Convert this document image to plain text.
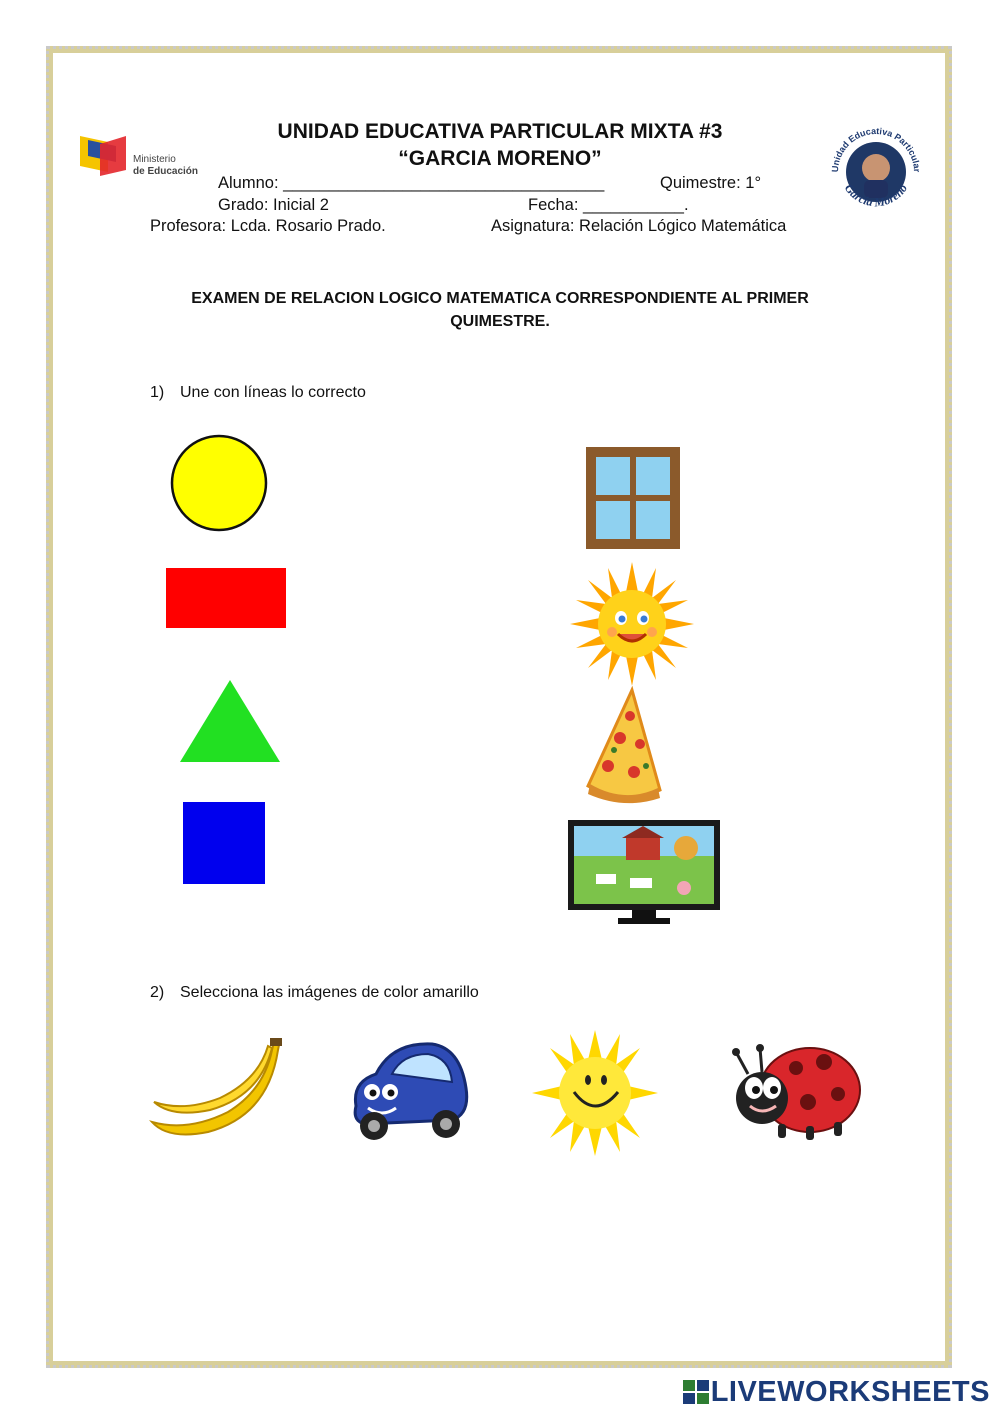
Ministerio
de Educación	Unidad Educativa Particular
García Moreno
UNIDAD EDUCATIVA PARTICULAR MIXTA #3
“GARCIA MORENO”
Alumno: ___________________________________	Quimestre: 1°
Grado: Inicial 2	Fecha: ___________.
Profesora: Lcda. Rosario Prado.	Asignatura: Relación Lógico Matemática
EXAMEN DE RELACION LOGICO MATEMATICA CORRESPONDIENTE AL PRIMER
QUIMESTRE.
1) Une con líneas lo correcto
2) Selecciona las imágenes de color amarillo
LIVEWORKSHEETS
